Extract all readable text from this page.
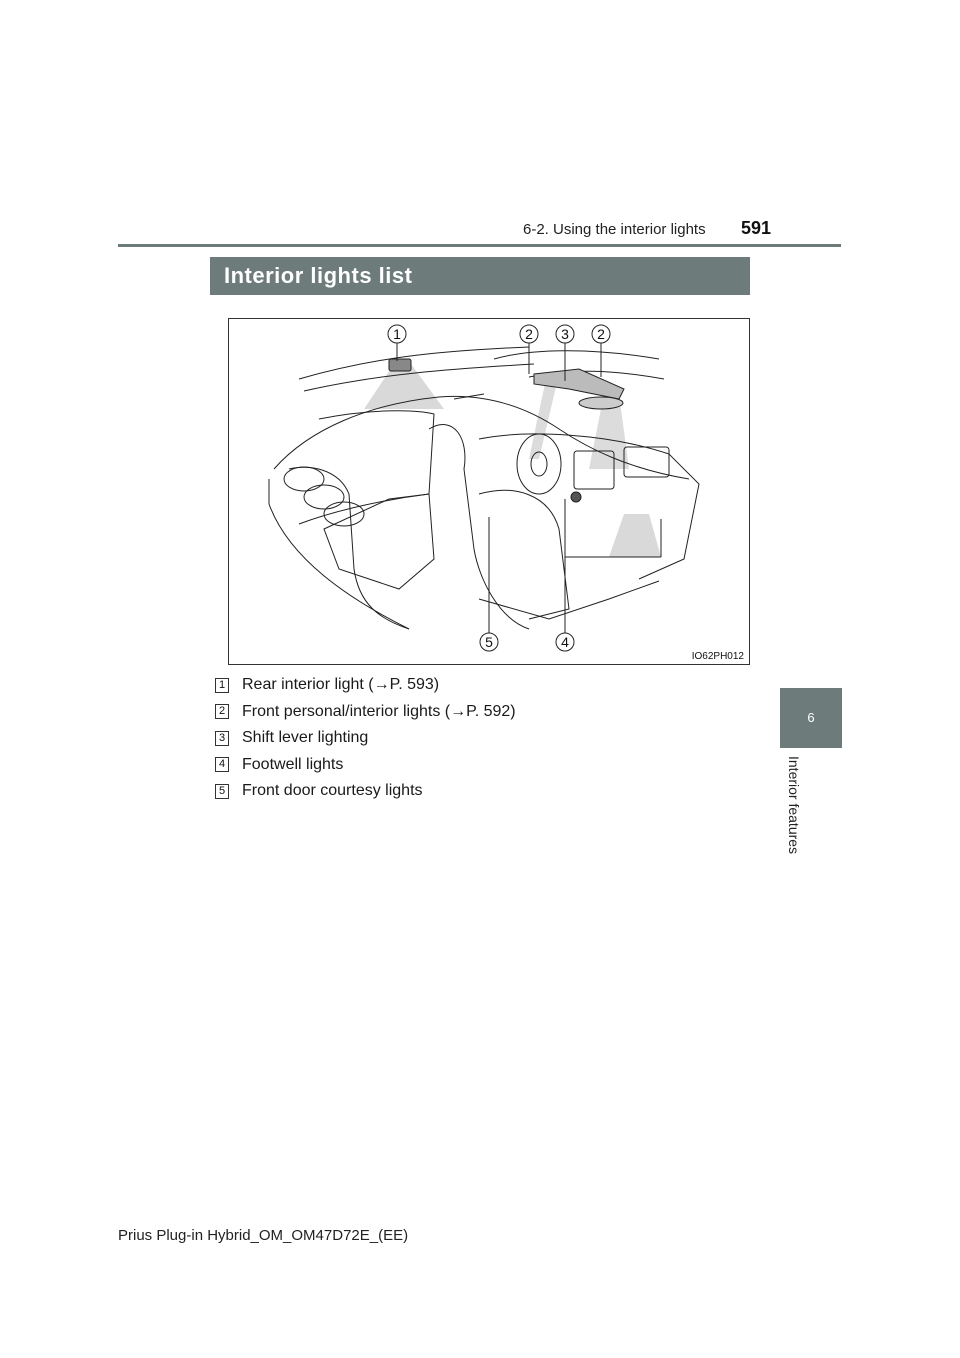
6-2. Using the interior lights 591
Interior lights list
1	2 3 2
5	4
IO62PH012
1 Rear interior light (→P. 593)
2 Front personal/interior lights (→P. 592)
3 Shift lever lighting
4 Footwell lights
5 Front door courtesy lights
6
Interior features
Prius Plug-in Hybrid_OM_OM47D72E_(EE)
